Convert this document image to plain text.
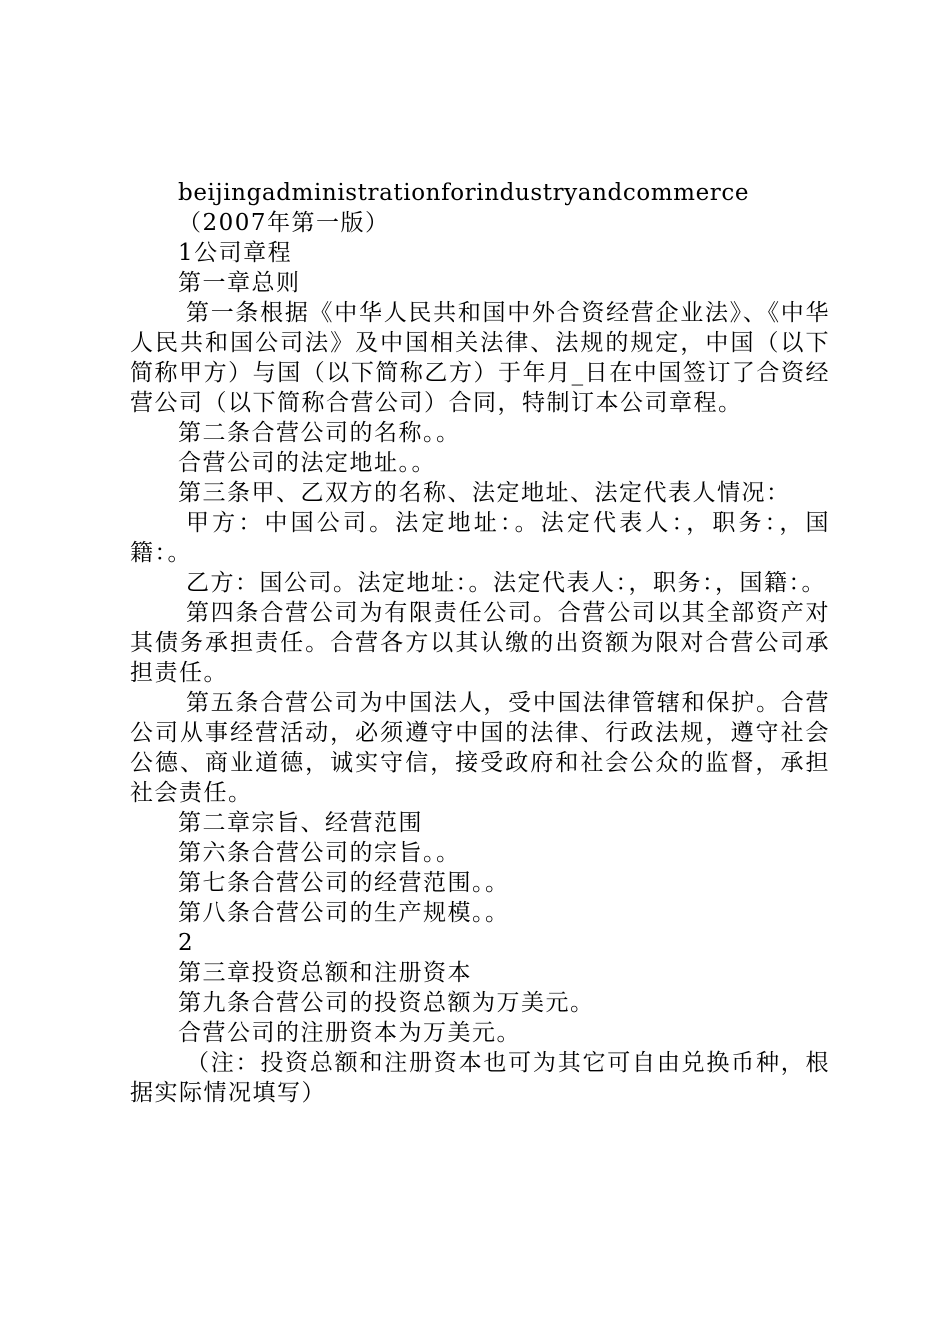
beijingadministrationforindustryandcommerce

（2007年第一版）

1公司章程

第一章总则

第一条根据《中华人民共和国中外合资经营企业法》、《中华人民共和国公司法》及中国相关法律、法规的规定，中国（以下简称甲方）与国（以下简称乙方）于年月_日在中国签订了合资经营公司（以下简称合营公司）合同，特制订本公司章程。

第二条合营公司的名称。。

合营公司的法定地址。。

第三条甲、乙双方的名称、法定地址、法定代表人情况：

甲方：中国公司。法定地址：。法定代表人：，职务：，国籍：。

乙方：国公司。法定地址：。法定代表人：，职务：，国籍：。

第四条合营公司为有限责任公司。合营公司以其全部资产对其债务承担责任。合营各方以其认缴的出资额为限对合营公司承担责任。

第五条合营公司为中国法人，受中国法律管辖和保护。合营公司从事经营活动，必须遵守中国的法律、行政法规，遵守社会公德、商业道德，诚实守信，接受政府和社会公众的监督，承担社会责任。

第二章宗旨、经营范围

第六条合营公司的宗旨。。

第七条合营公司的经营范围。。

第八条合营公司的生产规模。。

2

第三章投资总额和注册资本

第九条合营公司的投资总额为万美元。

合营公司的注册资本为万美元。

（注：投资总额和注册资本也可为其它可自由兑换币种，根据实际情况填写）
